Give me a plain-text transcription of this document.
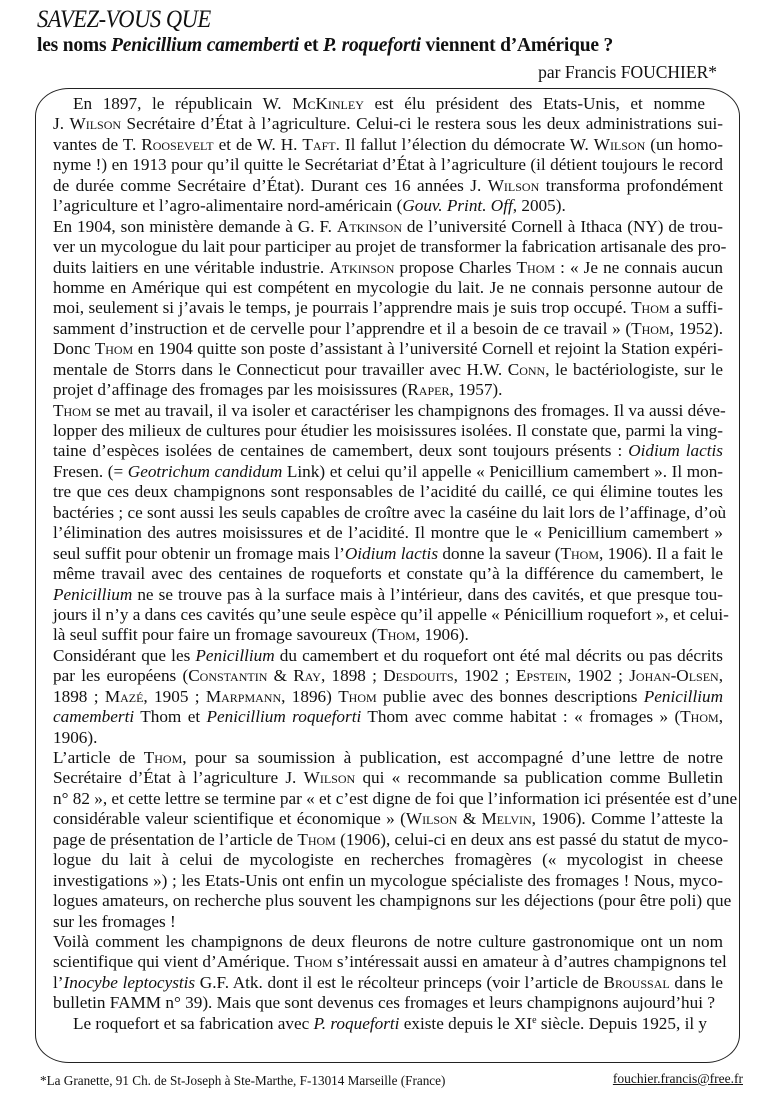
SAVEZ-VOUS QUE
les noms Penicillium camemberti et P. roqueforti viennent d’Amérique ?
par Francis FOUCHIER*
En 1897, le républicain W. McKinley est élu président des Etats-Unis, et nomme
J. Wilson Secrétaire d’État à l’agriculture. Celui-ci le restera sous les deux administrations sui-
vantes de T. Roosevelt et de W. H. Taft. Il fallut l’élection du démocrate W. Wilson (un homo-
nyme !) en 1913 pour qu’il quitte le Secrétariat d’État à l’agriculture (il détient toujours le record
de durée comme Secrétaire d’État). Durant ces 16 années J. Wilson transforma profondément
l’agriculture et l’agro-alimentaire nord-américain (Gouv. Print. Off, 2005).
En 1904, son ministère demande à G. F. Atkinson de l’université Cornell à Ithaca (NY) de trou-
ver un mycologue du lait pour participer au projet de transformer la fabrication artisanale des pro-
duits laitiers en une véritable industrie. Atkinson propose Charles Thom : « Je ne connais aucun
homme en Amérique qui est compétent en mycologie du lait. Je ne connais personne autour de
moi, seulement si j’avais le temps, je pourrais l’apprendre mais je suis trop occupé. Thom a suffi-
samment d’instruction et de cervelle pour l’apprendre et il a besoin de ce travail » (Thom, 1952).
Donc Thom en 1904 quitte son poste d’assistant à l’université Cornell et rejoint la Station expéri-
mentale de Storrs dans le Connecticut pour travailler avec H.W. Conn, le bactériologiste, sur le
projet d’affinage des fromages par les moisissures (Raper, 1957).
Thom se met au travail, il va isoler et caractériser les champignons des fromages. Il va aussi déve-
lopper des milieux de cultures pour étudier les moisissures isolées. Il constate que, parmi la ving-
taine d’espèces isolées de centaines de camembert, deux sont toujours présents : Oidium lactis
Fresen. (= Geotrichum candidum Link) et celui qu’il appelle « Penicillium camembert ». Il mon-
tre que ces deux champignons sont responsables de l’acidité du caillé, ce qui élimine toutes les
bactéries ; ce sont aussi les seuls capables de croître avec la caséine du lait lors de l’affinage, d’où
l’élimination des autres moisissures et de l’acidité. Il montre que le « Penicillium camembert »
seul suffit pour obtenir un fromage mais l’Oidium lactis donne la saveur (Thom, 1906). Il a fait le
même travail avec des centaines de roqueforts et constate qu’à la différence du camembert, le
Penicillium ne se trouve pas à la surface mais à l’intérieur, dans des cavités, et que presque tou-
jours il n’y a dans ces cavités qu’une seule espèce qu’il appelle « Pénicillium roquefort », et celui-
là seul suffit pour faire un fromage savoureux (Thom, 1906).
Considérant que les Penicillium du camembert et du roquefort ont été mal décrits ou pas décrits
par les européens (Constantin & Ray, 1898 ; Desdouits, 1902 ; Epstein, 1902 ; Johan-Olsen,
1898 ; Mazé, 1905 ; Marpmann, 1896) Thom publie avec des bonnes descriptions Penicillium
camemberti Thom et Penicillium roqueforti Thom avec comme habitat : « fromages » (Thom,
1906).
L’article de Thom, pour sa soumission à publication, est accompagné d’une lettre de notre
Secrétaire d’État à l’agriculture J. Wilson qui « recommande sa publication comme Bulletin
n° 82 », et cette lettre se termine par « et c’est digne de foi que l’information ici présentée est d’une
considérable valeur scientifique et économique » (Wilson & Melvin, 1906). Comme l’atteste la
page de présentation de l’article de Thom (1906), celui-ci en deux ans est passé du statut de myco-
logue du lait à celui de mycologiste en recherches fromagères (« mycologist in cheese
investigations ») ; les Etats-Unis ont enfin un mycologue spécialiste des fromages ! Nous, myco-
logues amateurs, on recherche plus souvent les champignons sur les déjections (pour être poli) que
sur les fromages !
Voilà comment les champignons de deux fleurons de notre culture gastronomique ont un nom
scientifique qui vient d’Amérique. Thom s’intéressait aussi en amateur à d’autres champignons tel
l’Inocybe leptocystis G.F. Atk. dont il est le récolteur princeps (voir l’article de Broussal dans le
bulletin FAMM n° 39). Mais que sont devenus ces fromages et leurs champignons aujourd’hui ?
Le roquefort et sa fabrication avec P. roqueforti existe depuis le XIe siècle. Depuis 1925, il y
*La Granette, 91 Ch. de St-Joseph à Ste-Marthe, F-13014 Marseille (France)	fouchier.francis@free.fr
